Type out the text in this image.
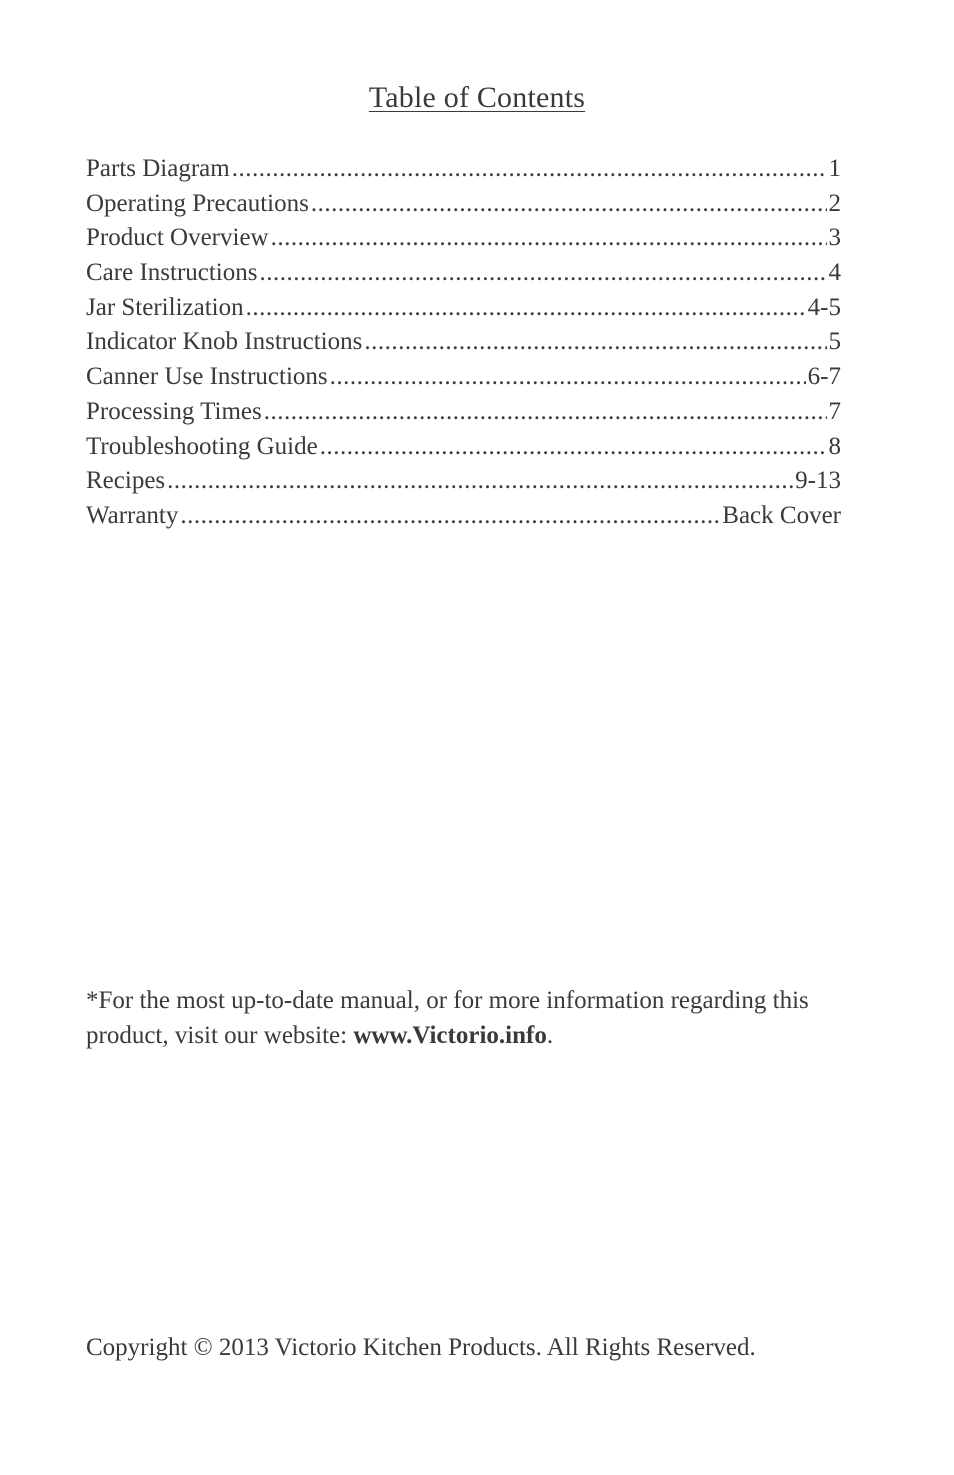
Table of Contents
Parts Diagram .....	1
Operating Precautions .....	2
Product Overview .....	3
Care Instructions .....	4
Jar Sterilization .....	4-5
Indicator Knob Instructions .....	5
Canner Use Instructions .....	6-7
Processing Times .....	7
Troubleshooting Guide .....	8
Recipes .....	9-13
Warranty .....	Back Cover

*For the most up-to-date manual, or for more information regarding this product, visit our website: www.Victorio.info.

Copyright © 2013 Victorio Kitchen Products. All Rights Reserved.
